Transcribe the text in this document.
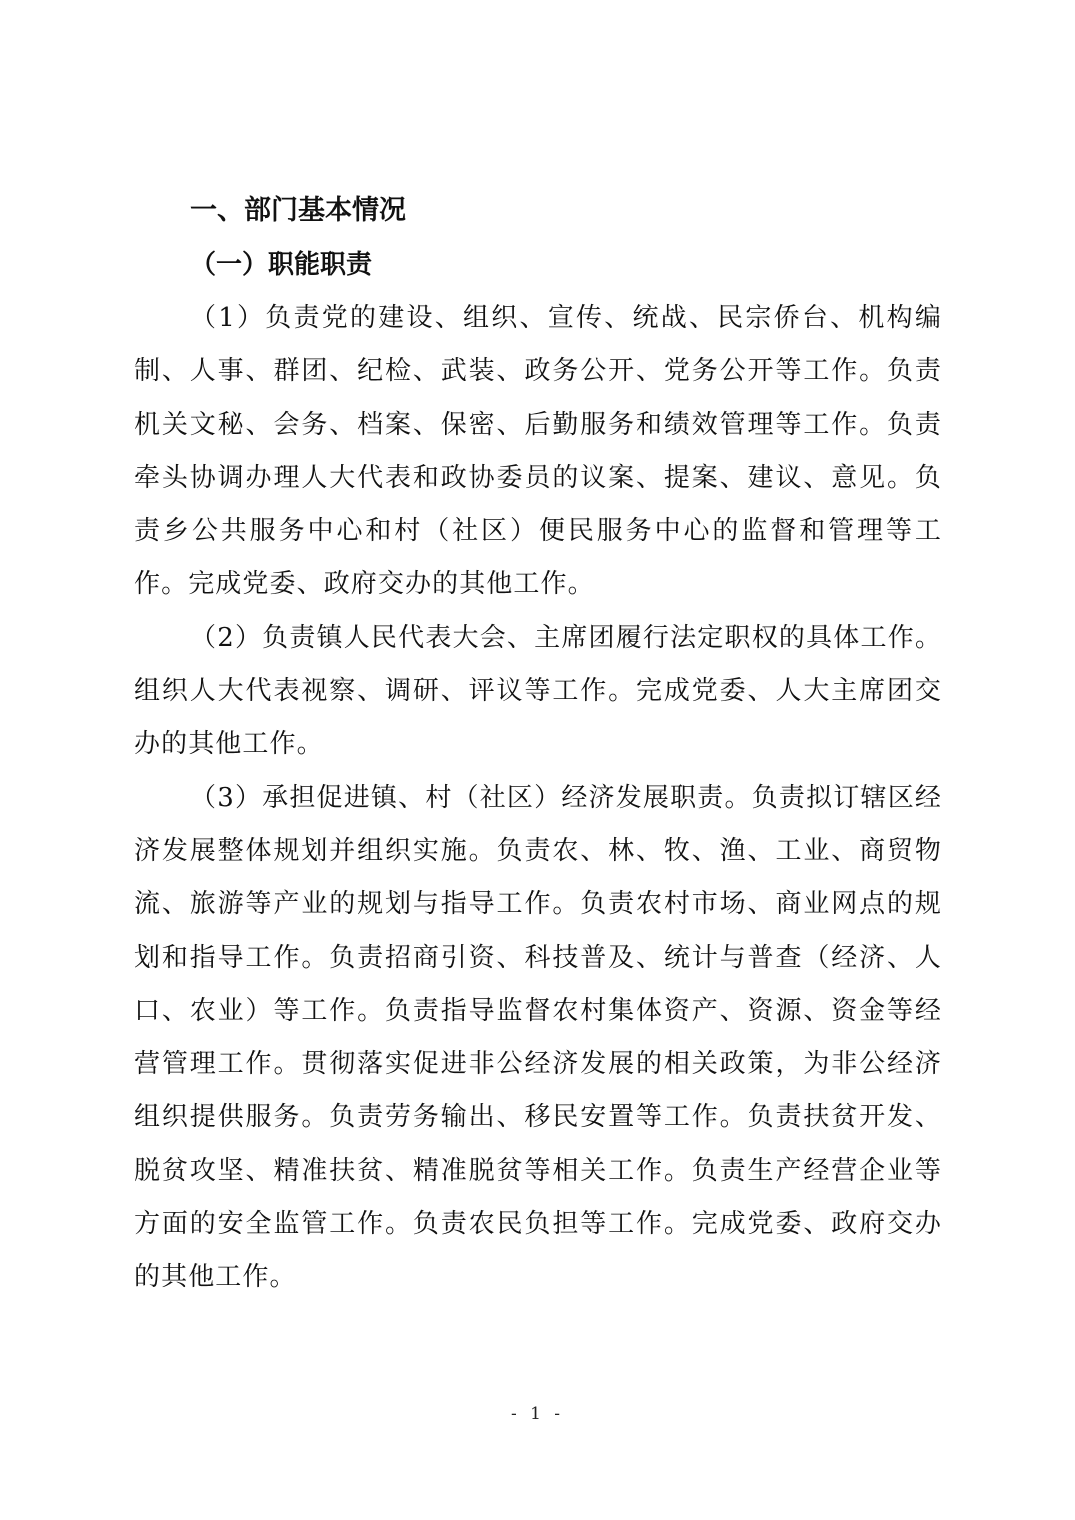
一、部门基本情况
（一）职能职责

（1）负责党的建设、组织、宣传、统战、民宗侨台、机构编制、人事、群团、纪检、武装、政务公开、党务公开等工作。负责机关文秘、会务、档案、保密、后勤服务和绩效管理等工作。负责牵头协调办理人大代表和政协委员的议案、提案、建议、意见。负责乡公共服务中心和村（社区）便民服务中心的监督和管理等工作。完成党委、政府交办的其他工作。

（2）负责镇人民代表大会、主席团履行法定职权的具体工作。组织人大代表视察、调研、评议等工作。完成党委、人大主席团交办的其他工作。

（3）承担促进镇、村（社区）经济发展职责。负责拟订辖区经济发展整体规划并组织实施。负责农、林、牧、渔、工业、商贸物流、旅游等产业的规划与指导工作。负责农村市场、商业网点的规划和指导工作。负责招商引资、科技普及、统计与普查（经济、人口、农业）等工作。负责指导监督农村集体资产、资源、资金等经营管理工作。贯彻落实促进非公经济发展的相关政策，为非公经济组织提供服务。负责劳务输出、移民安置等工作。负责扶贫开发、脱贫攻坚、精准扶贫、精准脱贫等相关工作。负责生产经营企业等方面的安全监管工作。负责农民负担等工作。完成党委、政府交办的其他工作。

- 1 -
